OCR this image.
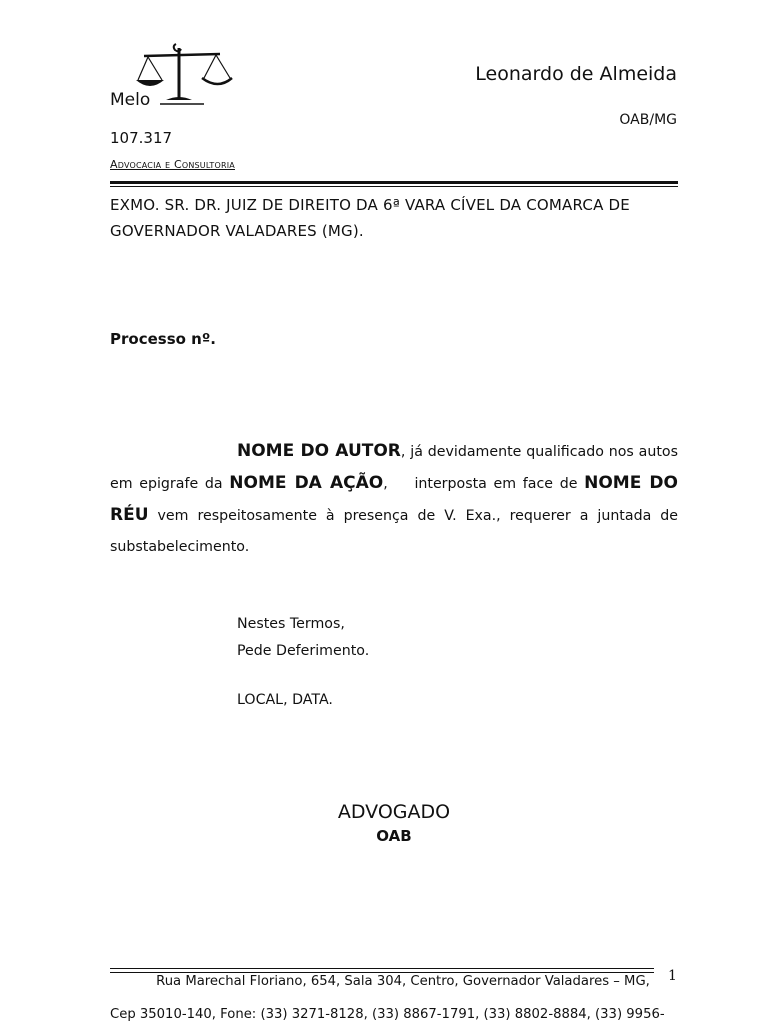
Leonardo de Almeida
Melo
OAB/MG
107.317
Advocacia e Consultoria
EXMO. SR. DR. JUIZ DE DIREITO DA 6ª VARA CÍVEL DA COMARCA DE GOVERNADOR VALADARES (MG).
Processo nº.
NOME DO AUTOR, já devidamente qualificado nos autos em epigrafe da NOME DA AÇÃO,    interposta em face de NOME DO RÉU vem respeitosamente à presença de V. Exa., requerer a juntada de substabelecimento.
Nestes Termos,
Pede Deferimento.
LOCAL, DATA.
ADVOGADO
OAB
1
Rua Marechal Floriano, 654, Sala 304, Centro, Governador Valadares – MG,
Cep 35010-140, Fone: (33) 3271-8128, (33) 8867-1791, (33) 8802-8884, (33) 9956-
